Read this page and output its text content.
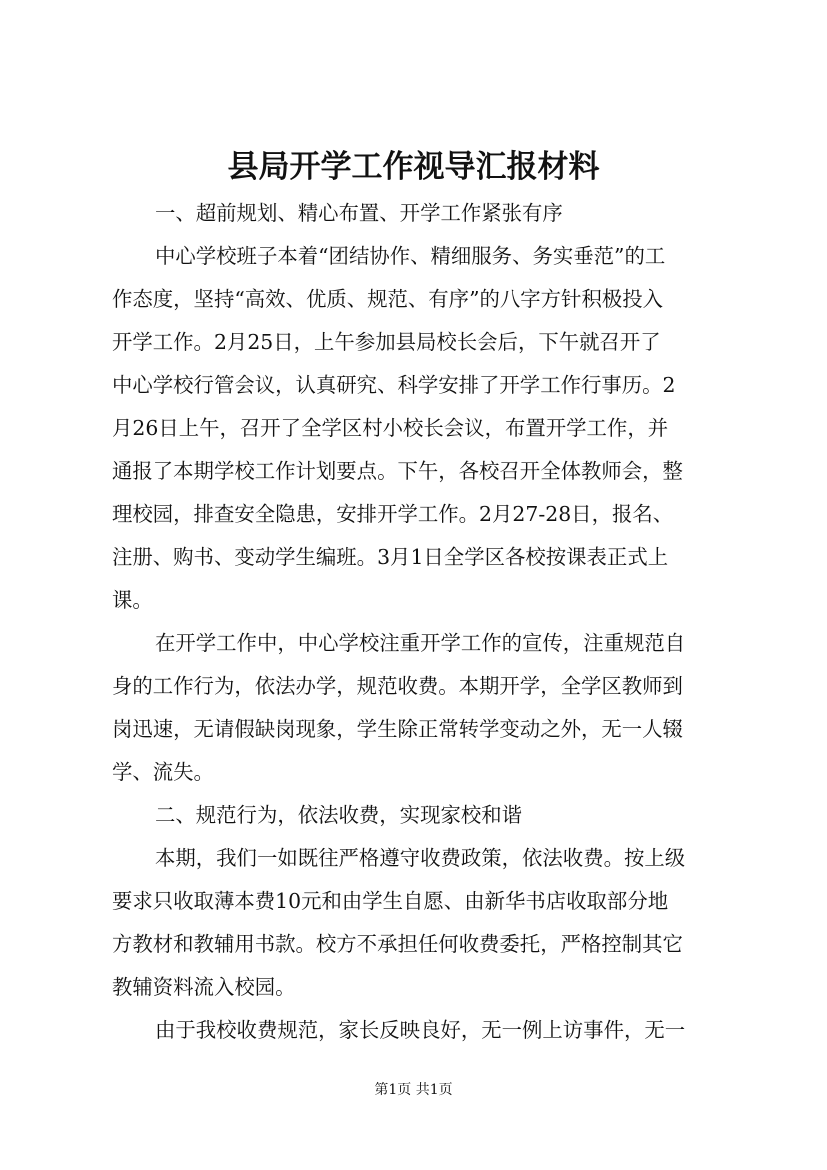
县局开学工作视导汇报材料
一、超前规划、精心布置、开学工作紧张有序
中心学校班子本着“团结协作、精细服务、务实垂范”的工
作态度，坚持“高效、优质、规范、有序”的八字方针积极投入
开学工作。2月25日，上午参加县局校长会后，下午就召开了
中心学校行管会议，认真研究、科学安排了开学工作行事历。2
月26日上午，召开了全学区村小校长会议，布置开学工作，并
通报了本期学校工作计划要点。下午，各校召开全体教师会，整
理校园，排查安全隐患，安排开学工作。2月27-28日，报名、
注册、购书、变动学生编班。3月1日全学区各校按课表正式上
课。
在开学工作中，中心学校注重开学工作的宣传，注重规范自
身的工作行为，依法办学，规范收费。本期开学，全学区教师到
岗迅速，无请假缺岗现象，学生除正常转学变动之外，无一人辍
学、流失。
二、规范行为，依法收费，实现家校和谐
本期，我们一如既往严格遵守收费政策，依法收费。按上级
要求只收取薄本费10元和由学生自愿、由新华书店收取部分地
方教材和教辅用书款。校方不承担任何收费委托，严格控制其它
教辅资料流入校园。
由于我校收费规范，家长反映良好，无一例上访事件，无一
第1页 共1页
